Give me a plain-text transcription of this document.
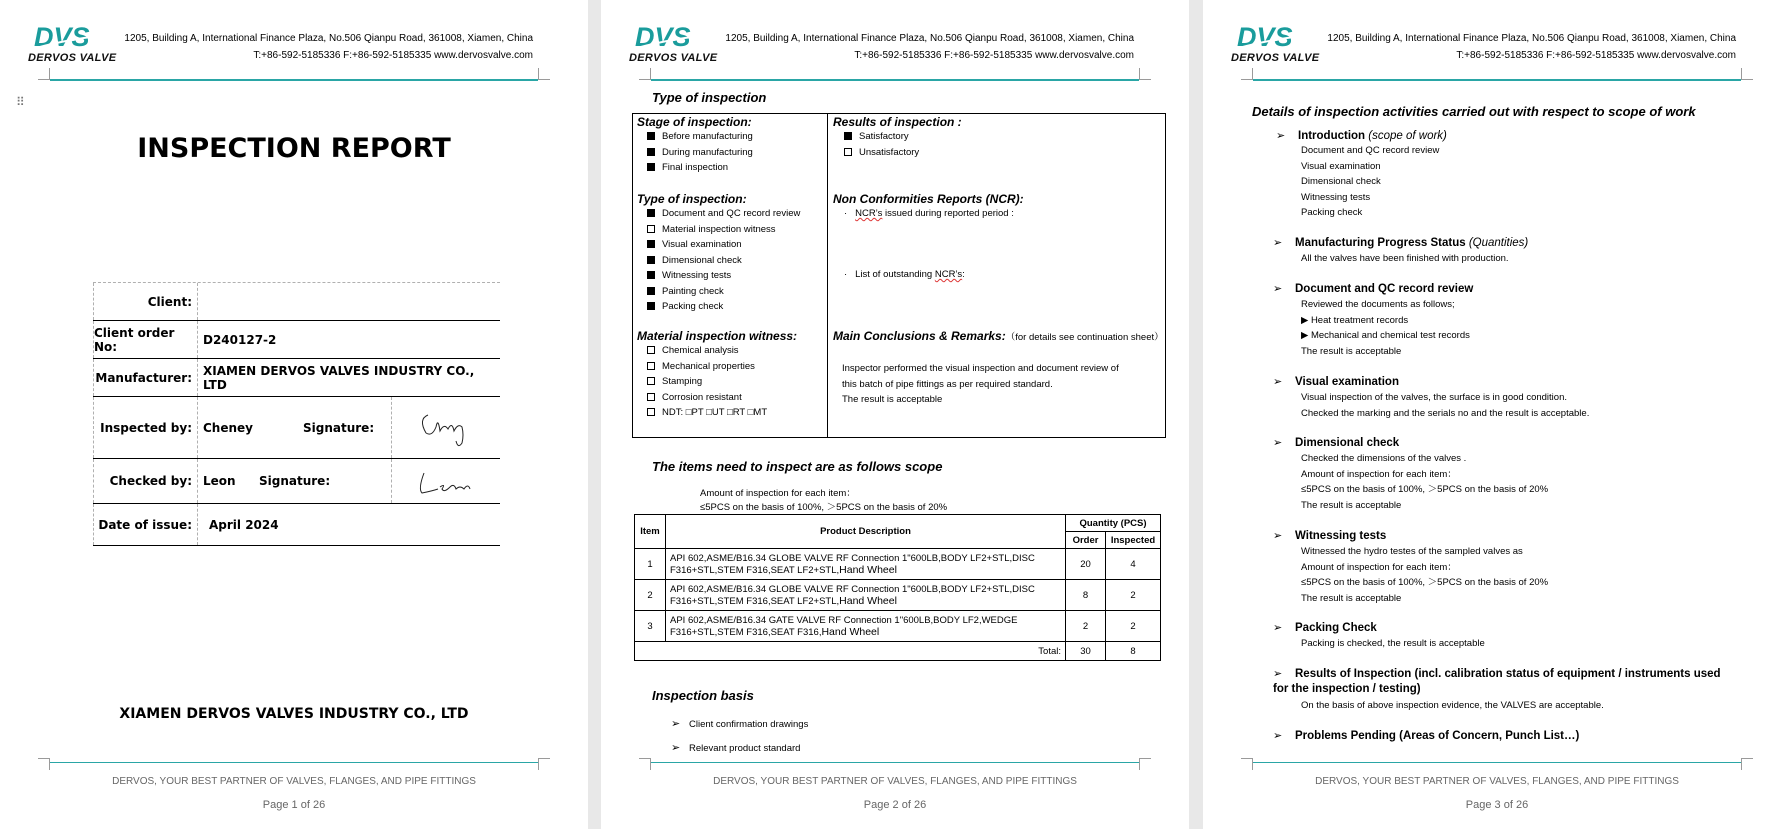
DVS
DERVOS VALVE
1205, Building A, International Finance Plaza, No.506 Qianpu Road, 361008, Xiamen, China
T:+86-592-5185336 F:+86-592-5185335 www.dervosvalve.com
⠿
INSPECTION REPORT
Client:
Client order No:	D240127-2
Manufacturer: XIAMEN DERVOS VALVES INDUSTRY CO., LTD
Inspected by: Cheney	Signature:
Checked by: Leon Signature:
Date of issue:	April 2024
XIAMEN DERVOS VALVES INDUSTRY CO., LTD
DERVOS, YOUR BEST PARTNER OF VALVES, FLANGES, AND PIPE FITTINGS
Page 1 of 26
DVS
DERVOS VALVE
1205, Building A, International Finance Plaza, No.506 Qianpu Road, 361008, Xiamen, China
T:+86-592-5185336 F:+86-592-5185335 www.dervosvalve.com
Type of inspection
Stage of inspection:
Before manufacturing
During manufacturing
Final inspection
Type of inspection:
Document and QC record review
Material inspection witness
Visual examination
Dimensional check
Witnessing tests
Painting check
Packing check
Material inspection witness:
Chemical analysis
Mechanical properties
Stamping
Corrosion resistant
NDT: □PT □UT □RT □MT
Results of inspection :
Satisfactory
Unsatisfactory
Non Conformities Reports (NCR):
·   NCR’s issued during reported period :
·   List of outstanding NCR’s:
Main Conclusions & Remarks:（for details see continuation sheet）
Inspector performed the visual inspection and document review of
this batch of pipe fittings as per required standard.
The result is acceptable
The items need to inspect are as follows scope
Amount of inspection for each item：
≤5PCS on the basis of 100%, ＞5PCS on the basis of 20%
Item	Product Description	Quantity (PCS)	
		Order	Inspected
1	API 602,ASME/B16.34 GLOBE VALVE RF Connection 1"600LB,BODY LF2+STL,DISC
F316+STL,STEM F316,SEAT LF2+STL,Hand Wheel	20	4
2	API 602,ASME/B16.34 GLOBE VALVE RF Connection 1"600LB,BODY LF2+STL,DISC
F316+STL,STEM F316,SEAT LF2+STL,Hand Wheel	8	2
3	API 602,ASME/B16.34 GATE VALVE RF Connection 1"600LB,BODY LF2,WEDGE
F316+STL,STEM F316,SEAT F316,Hand Wheel	2	2
Total:		30	8
Inspection basis
➢ Client confirmation drawings
➢ Relevant product standard
DERVOS, YOUR BEST PARTNER OF VALVES, FLANGES, AND PIPE FITTINGS
Page 2 of 26
DVS
DERVOS VALVE
1205, Building A, International Finance Plaza, No.506 Qianpu Road, 361008, Xiamen, China
T:+86-592-5185336 F:+86-592-5185335 www.dervosvalve.com
Details of inspection activities carried out with respect to scope of work
➢ Introduction (scope of work)
Document and QC record review
Visual examination
Dimensional check
Witnessing tests
Packing check
➢ Manufacturing Progress Status (Quantities)
All the valves have been finished with production.
➢ Document and QC record review
Reviewed the documents as follows;
▶ Heat treatment records
▶ Mechanical and chemical test records
The result is acceptable
➢ Visual examination
Visual inspection of the valves, the surface is in good condition.
Checked the marking and the serials no and the result is acceptable.
➢ Dimensional check
Checked the dimensions of the valves .
Amount of inspection for each item：
≤5PCS on the basis of 100%, ＞5PCS on the basis of 20%
The result is acceptable
➢ Witnessing tests
Witnessed the hydro testes of the sampled valves as
Amount of inspection for each item：
≤5PCS on the basis of 100%, ＞5PCS on the basis of 20%
The result is acceptable
➢ Packing Check
Packing is checked, the result is acceptable
➢ Results of Inspection (incl. calibration status of equipment / instruments used
for the inspection / testing)
On the basis of above inspection evidence, the VALVES are acceptable.
➢ Problems Pending (Areas of Concern, Punch List…)
DERVOS, YOUR BEST PARTNER OF VALVES, FLANGES, AND PIPE FITTINGS
Page 3 of 26
